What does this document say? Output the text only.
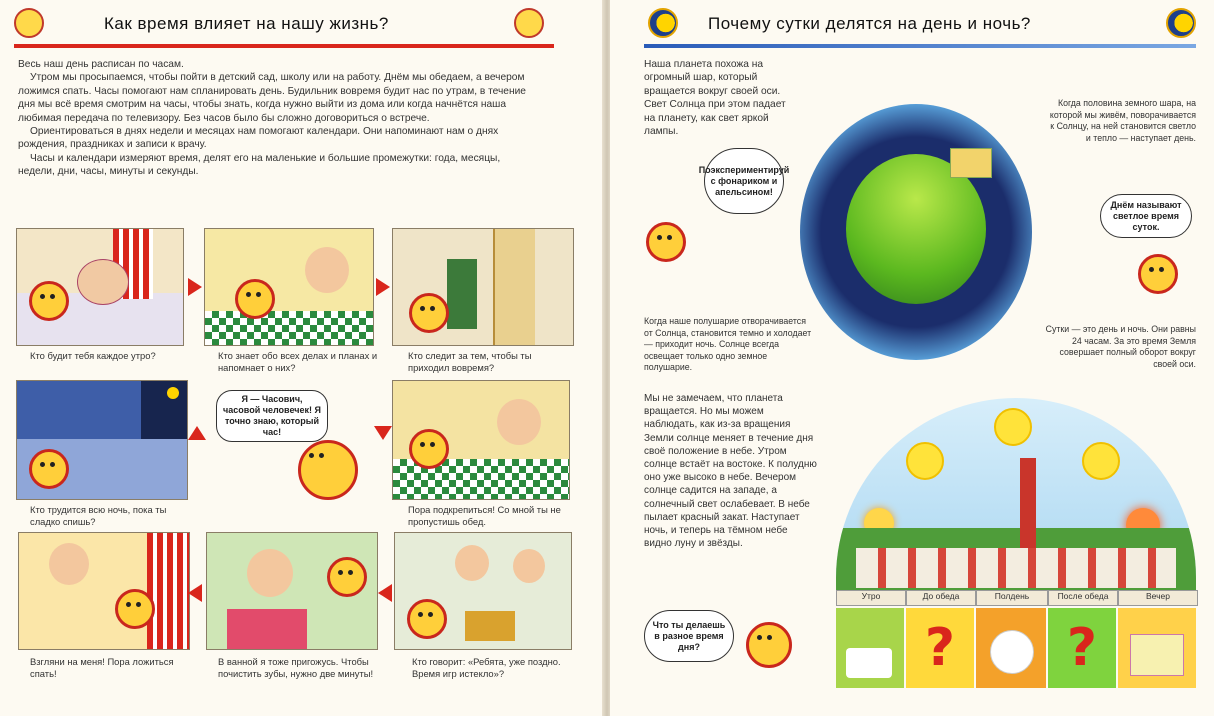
Как время влияет на нашу жизнь?

Весь наш день расписан по часам.

Утром мы просыпаемся, чтобы пойти в детский сад, школу или на работу. Днём мы обедаем, а вечером ложимся спать. Часы помогают нам спланировать день. Будильник вовремя будит нас по утрам, в течение дня мы всё время смотрим на часы, чтобы знать, когда нужно выйти из дома или когда начнётся наша любимая передача по телевизору. Без часов было бы сложно договориться о встрече.

Ориентироваться в днях недели и месяцах нам помогают календари. Они напоминают нам о днях рождения, праздниках и записи к врачу.

Часы и календари измеряют время, делят его на маленькие и большие промежутки: года, месяцы, недели, дни, часы, минуты и секунды.

Кто будит тебя каждое утро?	Кто знает обо всех делах и планах и напомнает о них?
Кто следит за тем, чтобы ты приходил вовремя?
Я — Часович, часовой человечек! Я точно знаю, который час!
Кто трудится всю ночь, пока ты сладко спишь?
Пора подкрепиться! Со мной ты не пропустишь обед.
Взгляни на меня! Пора ложиться спать!
В ванной я тоже пригожусь. Чтобы почистить зубы, нужно две минуты!
Кто говорит: «Ребята, уже поздно. Время игр истекло»?
Почему сутки делятся на день и ночь?
Наша планета похожа на огромный шар, который вращается вокруг своей оси. Свет Солнца при этом падает на планету, как свет яркой лампы.
Когда половина земного шара, на которой мы живём, поворачивается к Солнцу, на ней становится светло и тепло — наступает день.
Поэкспериментируй с фонариком и апельсином!
Днём называют светлое время суток.
Когда наше полушарие отворачивается от Солнца, становится темно и холодает — приходит ночь. Солнце всегда освещает только одно земное полушарие.
Сутки — это день и ночь. Они равны 24 часам. За это время Земля совершает полный оборот вокруг своей оси.
Мы не замечаем, что планета вращается. Но мы можем наблюдать, как из-за вращения Земли солнце меняет в течение дня своё положение в небе. Утром солнце встаёт на востоке. К полудню оно уже высоко в небе. Вечером солнце садится на западе, а солнечный свет ослабевает. В небе пылает красный закат. Наступает ночь, и теперь на тёмном небе видно луну и звёзды.
Утро	До обеда	Полдень	После обеда	Вечер
?	?
Что ты делаешь в разное время дня?
